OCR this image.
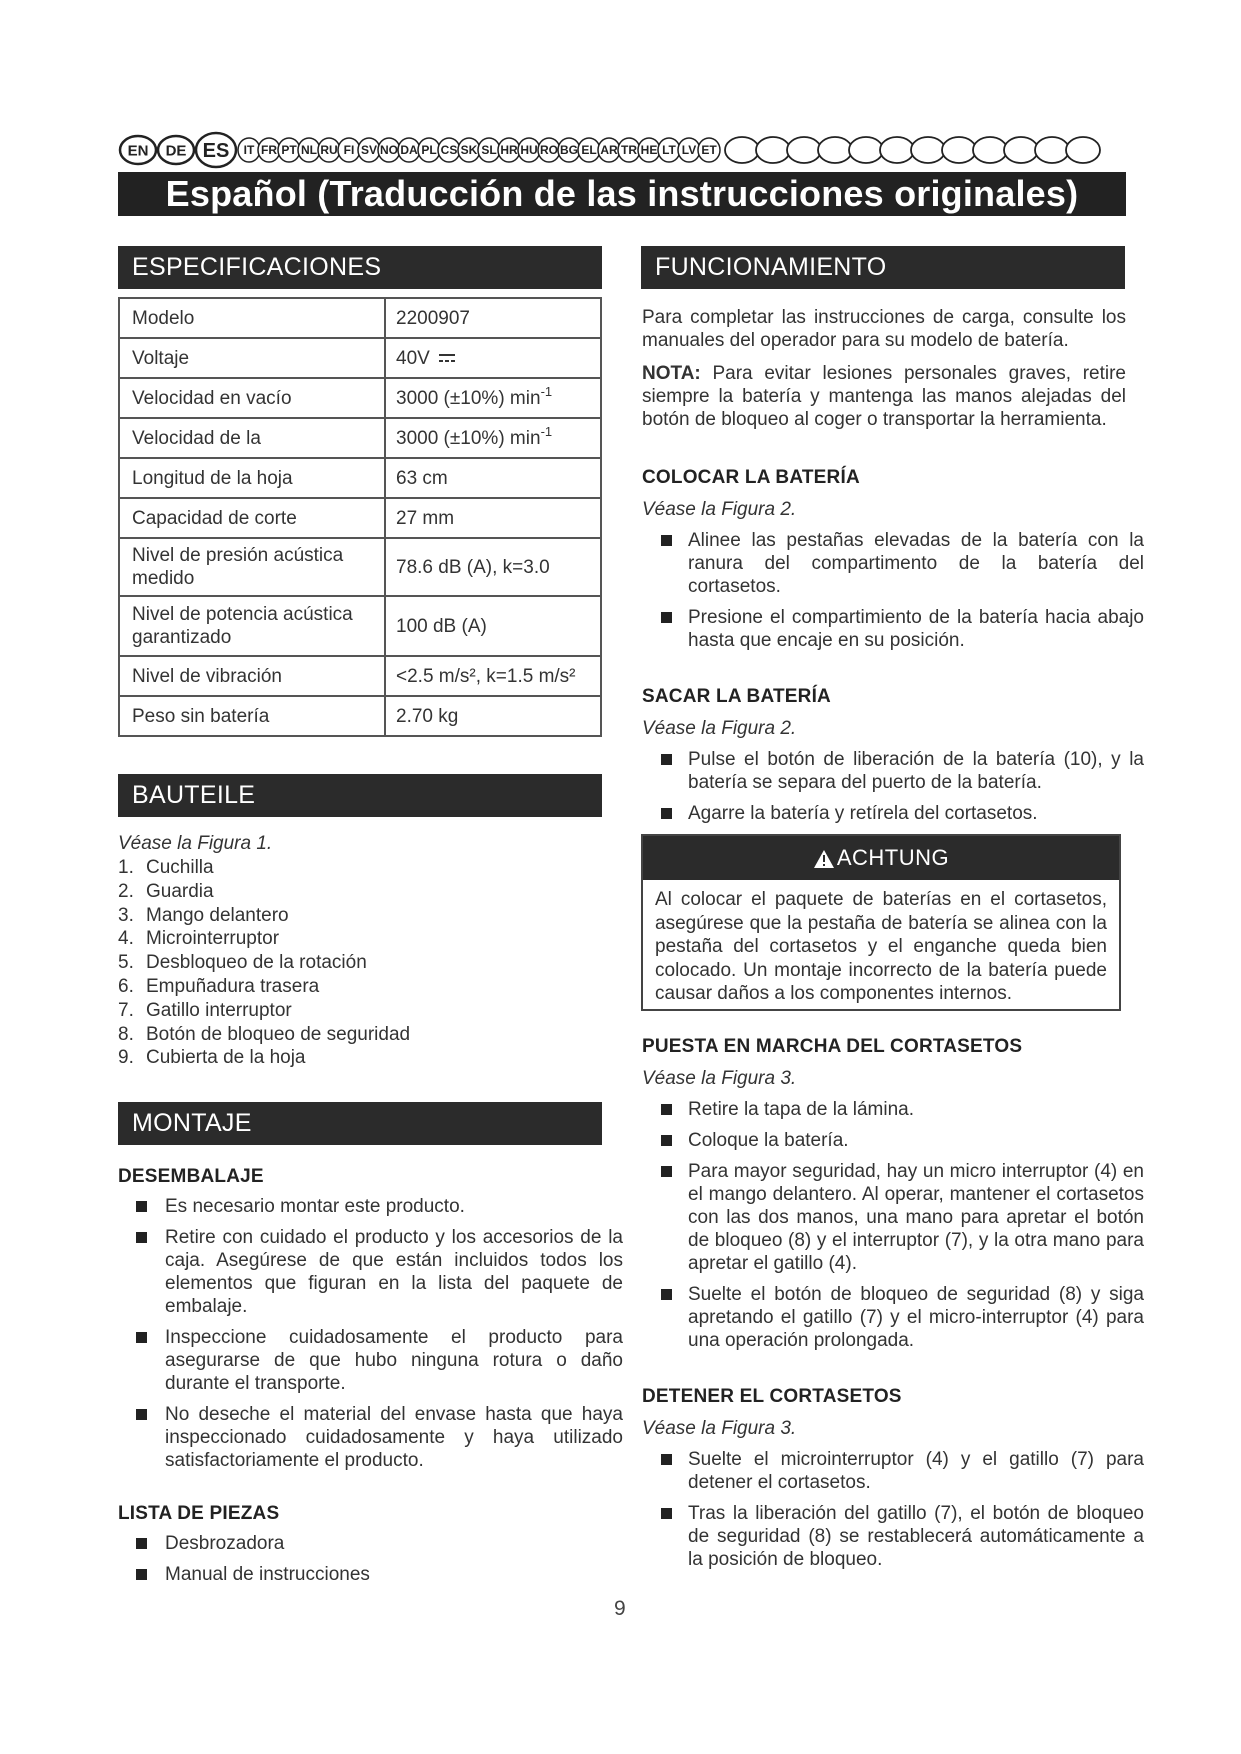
EN DE ES IT FR PT NL RU FI SV NO DA PL CS SK SL HR HU RO BG EL AR TR HE LT LV ET
Español (Traducción de las instrucciones originales)
ESPECIFICACIONES
Modelo	2200907
Voltaje	40V
Velocidad en vacío	3000 (±10%) $\min^{-1}$
Velocidad de la	3000 (±10%) $\min^{-1}$
Longitud de la hoja	63 cm
Capacidad de corte	27 mm
Nivel de presión acústica medido	78.6 dB (A), k=3.0
Nivel de potencia acústica garantizado	100 dB (A)
Nivel de vibración	<2.5 m/s², k=1.5 m/s²
Peso sin batería	2.70 kg
BAUTEILE
Véase la Figura 1.
1. Cuchilla
2. Guardia
3. Mango delantero
4. Microinterruptor
5. Desbloqueo de la rotación
6. Empuñadura trasera
7. Gatillo interruptor
8. Botón de bloqueo de seguridad
9. Cubierta de la hoja
MONTAJE
DESEMBALAJE
Es necesario montar este producto.
Retire con cuidado el producto y los accesorios de la caja. Asegúrese de que están incluidos todos los elementos que figuran en la lista del paquete de embalaje.
Inspeccione cuidadosamente el producto para asegurarse de que hubo ninguna rotura o daño durante el transporte.
No deseche el material del envase hasta que haya inspeccionado cuidadosamente y haya utilizado satisfactoriamente el producto.
LISTA DE PIEZAS
Desbrozadora
Manual de instrucciones
FUNCIONAMIENTO
Para completar las instrucciones de carga, consulte los manuales del operador para su modelo de batería.
NOTA: Para evitar lesiones personales graves, retire siempre la batería y mantenga las manos alejadas del botón de bloqueo al coger o transportar la herramienta.
COLOCAR LA BATERÍA
Véase la Figura 2.
Alinee las pestañas elevadas de la batería con la ranura del compartimento de la batería del cortasetos.
Presione el compartimiento de la batería hacia abajo hasta que encaje en su posición.
SACAR LA BATERÍA
Véase la Figura 2.
Pulse el botón de liberación de la batería (10), y la batería se separa del puerto de la batería.
Agarre la batería y retírela del cortasetos.
ACHTUNG
Al colocar el paquete de baterías en el cortasetos, asegúrese que la pestaña de batería se alinea con la pestaña del cortasetos y el enganche queda bien colocado. Un montaje incorrecto de la batería puede causar daños a los componentes internos.
PUESTA EN MARCHA DEL CORTASETOS
Véase la Figura 3.
Retire la tapa de la lámina.
Coloque la batería.
Para mayor seguridad, hay un micro interruptor (4) en el mango delantero. Al operar, mantener el cortasetos con las dos manos, una mano para apretar el botón de bloqueo (8) y el interruptor (7), y la otra mano para apretar el gatillo (4).
Suelte el botón de bloqueo de seguridad (8) y siga apretando el gatillo (7) y el micro-interruptor (4) para una operación prolongada.
DETENER EL CORTASETOS
Véase la Figura 3.
Suelte el microinterruptor (4) y el gatillo (7) para detener el cortasetos.
Tras la liberación del gatillo (7), el botón de bloqueo de seguridad (8) se restablecerá automáticamente a la posición de bloqueo.
9
